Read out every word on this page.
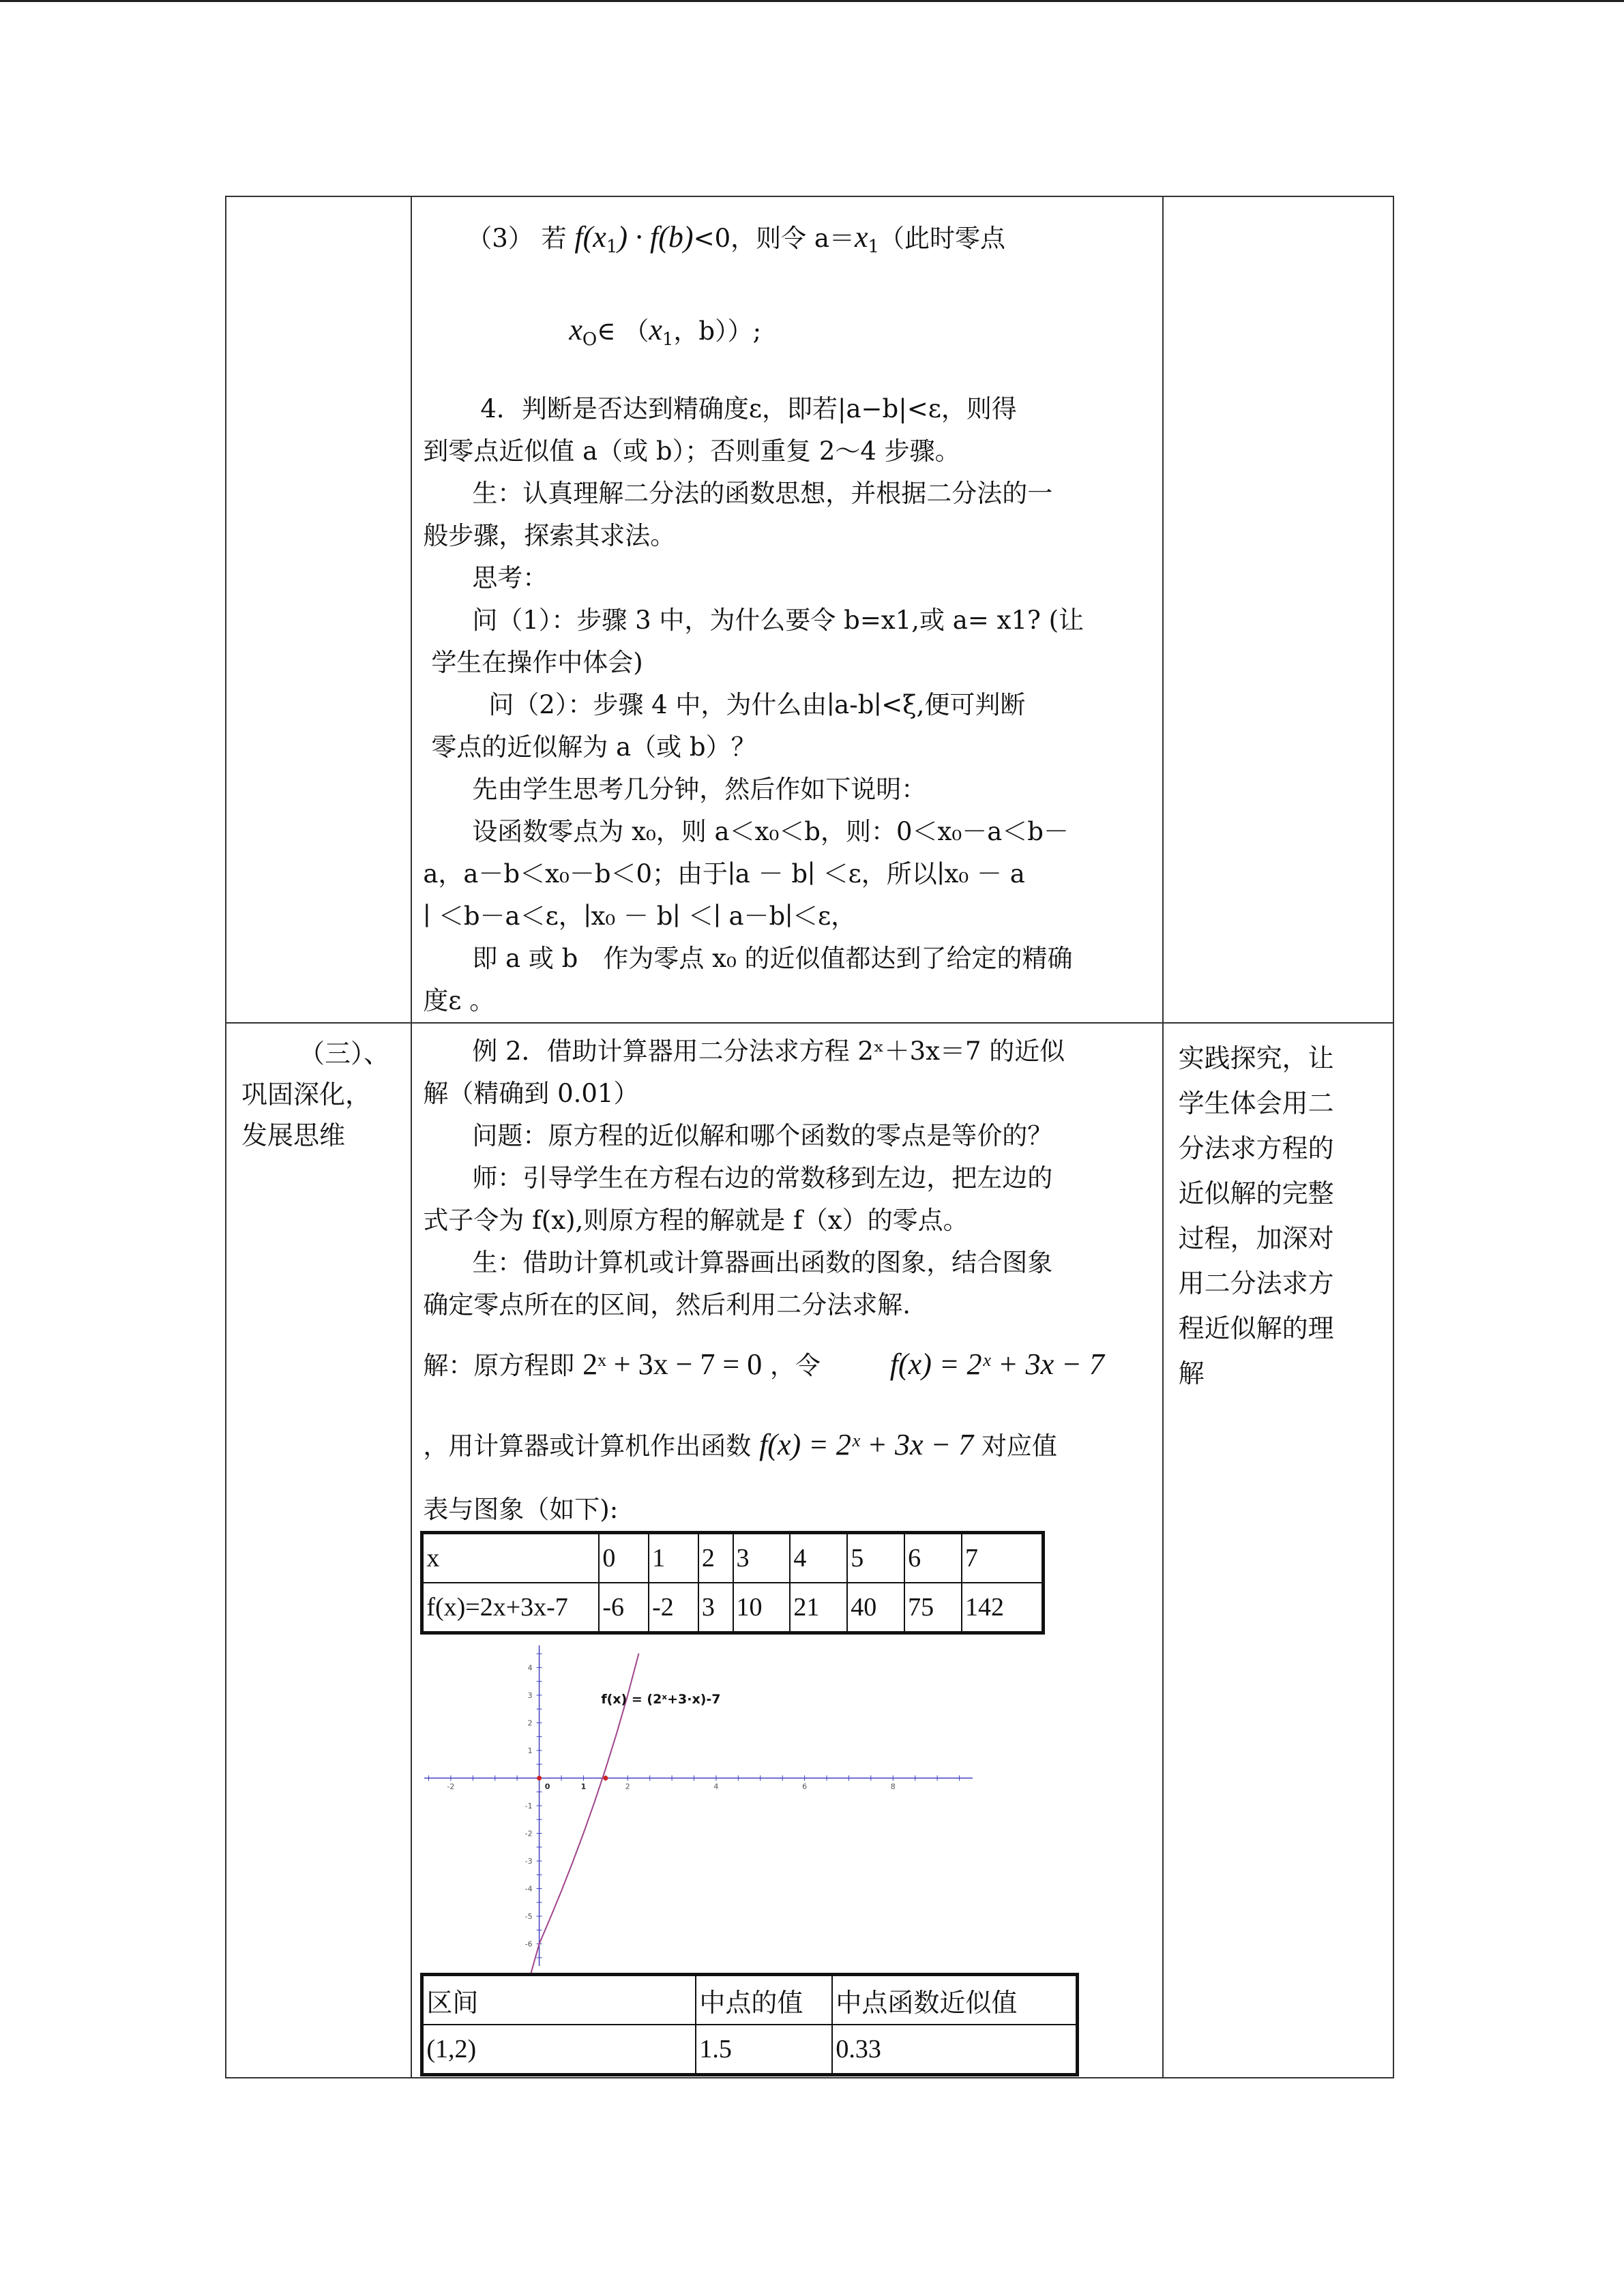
（3） 若 $f(x_1) \cdot f(b)<0$，则令 $a=x_1$（此时零点

$x_O\in$ （$x_1$，b））;

4．判断是否达到精确度ε，即若|a−b|<ε，则得

到零点近似值 a（或 b）；否则重复 2～4 步骤。

生：认真理解二分法的函数思想，并根据二分法的一

般步骤，探索其求法。

思考：

问（1）：步骤 3 中，为什么要令 b=x1,或 a= x1? (让

学生在操作中体会)

问（2）：步骤 4 中，为什么由∣a-b∣<ξ,便可判断

零点的近似解为 a（或 b）？

先由学生思考几分钟，然后作如下说明：

设函数零点为 x₀，则 a＜x₀＜b，则：0＜x₀－a＜b－

a，a－b＜x₀－b＜0；由于∣a － b∣ ＜ε，所以∣x₀ － a

∣ ＜b－a＜ε，∣x₀ － b∣ ＜∣ a－b∣＜ε，

即 a 或 b　作为零点 x₀ 的近似值都达到了给定的精确

度ε 。

（三）、
巩固深化，
发展思维

例 2．借助计算器用二分法求方程 2ˣ＋3x＝7 的近似

解（精确到 0.01）

问题：原方程的近似解和哪个函数的零点是等价的？

师：引导学生在方程右边的常数移到左边，把左边的

式子令为 f(x),则原方程的解就是 f（x）的零点。

生：借助计算机或计算器画出函数的图象，结合图象

确定零点所在的区间，然后利用二分法求解.

解：原方程即 2ˣ + 3x − 7 = 0 ，令 f(x) = 2ˣ + 3x − 7

，用计算器或计算机作出函数 f(x) = 2ˣ + 3x − 7 对应值

表与图象（如下):

x	0	1	2	3	4	5	6	7
f(x)=2x+3x-7	-6	-2	3	10	21	40	75	142
-2	0	1	2	4	6	8
4
3
2
1
-1
-2
-3
-4
-5
-6
f(x) = (2ˣ+3·x)-7
区间	中点的值	中点函数近似值
(1,2)	1.5	0.33

实践探究，让
学生体会用二
分法求方程的
近似解的完整
过程，加深对
用二分法求方
程近似解的理
解
